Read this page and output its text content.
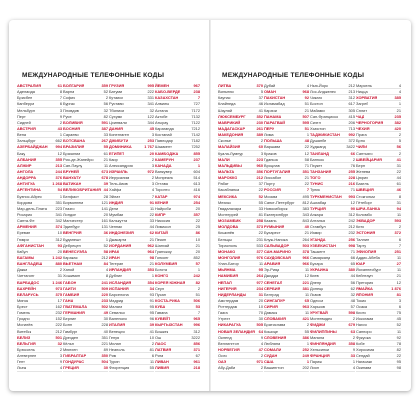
МЕЖДУНАРОДНЫЕ ТЕЛЕФОННЫЕ КОДЫ
АВСТРАЛИЯ	61
Аделаида	8
Брисбен	7
Канберра	6
Мельбурн	3
Перт	9
Сидней	2
АВСТРИЯ	43
Вена	1
Зальцбург	662
АЗЕРБАЙДЖАН	994
Баку	12
АЛБАНИЯ	355
АЛЖИР	213
АНГОЛА	244
АНДОРРА	376
АНТИГУА	1 268
АРГЕНТИНА	54
Буэнос-Айрес	1
Кордова	351
Мар-дель-Плата	223
Росарио	341
Санта-Фе	342
АРМЕНИЯ	374
Ереван	10
Гюмри	312
АФГАНИСТАН	93
Кабул	20
БАГАМЫ	1 242
БАНГЛАДЕШ	880
Дакка	2
Читтагонг	31
БАРБАДОС	1 246
БАХРЕЙН	973
БЕЛАРУСЬ	375
Минск	17
Брест	162
Гомель	232
Гродно	152
Могилёв	222
Витебск	212
БЕЛИЗ	501
БЕЛЬГИЯ	32
Брюссель	2
Антверпен	3
Гент	9
Льеж	4
БОЛГАРИЯ	359
Варна	52
София	2
Бургас	56
Пловдив	32
Русе	82
БОЛИВИЯ	591
БОСНИЯ	387
Сараево	33
БОТСВАНА	267
БРАЗИЛИЯ	55
Бразилиа	61
Рио-де-Жанейро	21
Сан-Паулу	11
БРУНЕЙ	673
ВАНУАТУ	678
ВАТИКАН	39
ВЕЛИКОБРИТАНИЯ 44
Белфаст	28
Бирмингем	121
Глазго	141
Лондон	20
Манчестер	161
Эдинбург	131
ВЕНГРИЯ	36
Будапешт	1
Дебрецен	52
ВЕНЕСУЭЛА	58
Каракас	212
ВЬЕТНАМ	84
Ханой	4
Хошимин	8
ГАБОН	241
ГАИТИ	509
ГАМБИЯ	220
ГАНА	233
ГВАТЕМАЛА	502
ГЕРМАНИЯ	49
Берлин	30
Бонн	228
Гамбург	40
Дрезден	351
Кёльн	221
Мюнхен	89
ГИБРАЛТАР	350
ГОНДУРАС	504
ГРЕЦИЯ	30
ГРУЗИЯ	995
Батуми	222
Кутаиси	331
Рустави	341
Тбилиси	32
Сухуми	122
Цхинвали	344
ДАНИЯ	45
Копенгаген	3
ДЖИБУТИ	253
ДОМИНИКА	1 767
ЕГИПЕТ	20
Каир	2
Александрия	3
ИЗРАИЛЬ	972
Иерусалим	2
Тель-Авив	3
Хайфа	4
Эйлат	7
ИНДИЯ	91
Дели	11
Мумбаи	22
Калькутта	33
Ченнаи	44
ИНДОНЕЗИЯ	62
Джакарта	21
ИОРДАНИЯ	962
ИРАК	964
ИРАН	98
Тегеран	21
ИРЛАНДИЯ	353
Дублин	1
ИСЛАНДИЯ	354
ИСПАНИЯ	34
Барселона	93
Мадрид	91
Малага	95
Севилья	95
Валенсия	96
ИТАЛИЯ	39
Венеция	41
Генуя	10
Милан	2
Неаполь	81
Рим	6
Турин	11
Флоренция	55
ЙЕМЕН	967
КАБО-ВЕРДЕ	238
КАЗАХСТАН	7
Алматы	727
Астана	7172
Актобе	7132
Атырау	7122
Караганда	7212
Костанай	7142
Павлодар	7182
Шымкент	7252
КАМБОДЖА	855
КАМЕРУН	237
КАНАДА	1
Ванкувер	604
Монреаль	514
Оттава	613
Торонто	416
КАТАР	974
КЕНИЯ	254
Найроби	20
КИПР	357
Никосия	22
Лимасол	25
КИТАЙ	86
Пекин	10
Шанхай	21
Гуанчжоу	20
Гонконг	852
КОЛУМБИЯ	57
Богота	1
КОНГО	242
КОРЕЯ ЮЖНАЯ	82
Сеул	2
Пусан	51
КОСТА-РИКА	506
КУБА	53
Гавана	7
КУВЕЙТ	965
КЫРГЫЗСТАН	996
Бишкек	312
Ош	3222
ЛАОС	856
ЛАТВИЯ	371
Рига	67
ЛИВАН	961
ЛИВИЯ	218
МЕЖДУНАРОДНЫЕ ТЕЛЕФОННЫЕ КОДЫ
ЛИТВА	370
Вильнюс	5
Каунас	37
Клайпеда	46
Шяуляй	41
ЛЮКСЕМБУРГ	352
МАВРИКИЙ	230
МАДАГАСКАР	261
МАКЕДОНИЯ	389
Скопье	2
МАЛАЙЗИЯ	60
Куала-Лумпур	3
МАЛИ	223
МАЛЬДИВЫ	960
МАЛЬТА	356
МАРОККО	212
Рабат	37
Касабланка	22
МЕКСИКА	52
Мехико	55
Гвадалахара	33
Монтеррей	81
МОЗАМБИК	258
МОЛДОВА	373
Кишинёв	22
Бельцы	231
Тирасполь	533
МОНАКО	377
МОНГОЛИЯ	976
Улан-Батор	11
МЬЯНМА	95
НАМИБИЯ	264
НЕПАЛ	977
НИГЕРИЯ	234
НИДЕРЛАНДЫ	31
Амстердам	20
Роттердам	10
Гаага	70
Утрехт	30
НИКАРАГУА	505
НОВАЯ ЗЕЛАНДИЯ 64
Окленд	9
Веллингтон	4
НОРВЕГИЯ	47
Осло	2
ОАЭ	971
Абу-Даби	2
Дубай	4
ОМАН	968
ПАКИСТАН	92
Исламабад	51
Карачи	21
ПАНАМА	507
ПАРАГВАЙ	595
ПЕРУ	51
Лима	1
ПОЛЬША	48
Варшава	22
Краков	12
Гданьск	58
Вроцлав	71
ПОРТУГАЛИЯ	351
Лиссабон	21
Порту	22
РОССИЯ	7
Москва	495
Санкт-Петербург	812
Новосибирск	383
Екатеринбург	343
Казань	843
РУМЫНИЯ	40
Бухарест	21
Клуж-Напока	264
САЛЬВАДОР	503
САН-МАРИНО	378
САУДОВСКАЯ	966
АРАВИЯ	966
Эр-Рияд	11
Джидда	12
СЕНЕГАЛ	221
СЕРБИЯ	381
Белград	11
СИНГАПУР	65
СИРИЯ	963
Дамаск	11
СЛОВАКИЯ	421
Братислава	2
Кошице	55
СЛОВЕНИЯ	386
Любляна	1
СОМАЛИ	252
СУДАН	249
США	1
Вашингтон	202
Нью-Йорк	212
Лос-Анджелес	213
Чикаго	312
Бостон	617
Майами	305
Сан-Франциско	415
Сиэтл	206
Хьюстон	713
ТАДЖИКИСТАН	992
Душанбе	372
Худжанд	3422
ТАИЛАНД	66
Бангкок	2
Пхукет	76
ТАНЗАНИЯ	255
ТОГО	228
ТУНИС	216
Тунис	71
ТУРКМЕНИСТАН	993
Ашхабад	12
ТУРЦИЯ	90
Анкара	312
Анталья	242
Стамбул	212
Измир	232
УГАНДА	256
УЗБЕКИСТАН	998
Ташкент	71
Самарканд	66
Бухара	65
УКРАИНА	380
Киев	44
Днепр	56
Донецк	62
Львов	32
Одесса	48
Харьков	57
УРУГВАЙ	598
Монтевидео	2
ФИДЖИ	679
ФИЛИППИНЫ	63
Манила	2
ФИНЛЯНДИЯ	358
Хельсинки	9
ФРАНЦИЯ	33
Париж	1
Лион	4
Марсель	4
Ницца	4
ХОРВАТИЯ	385
Загреб	1
Сплит	21
ЧАД	235
ЧЕРНОГОРИЯ	382
ЧЕХИЯ	420
Прага	2
Брно	5
ЧИЛИ	56
Сантьяго	2
ШВЕЙЦАРИЯ	41
Берн	31
Женева	22
Цюрих	44
Базель	61
ШВЕЦИЯ	46
Стокгольм	8
Гётеборг	31
ШРИ-ЛАНКА	94
Коломбо	11
ЭКВАДОР	593
Кито	2
ЭСТОНИЯ	372
Таллин	6
Тарту	7
ЭФИОПИЯ	251
Аддис-Абеба	11
ЮАР	27
Йоханнесбург	11
Кейптаун	21
Претория	12
ЯМАЙКА	1 876
ЯПОНИЯ	81
Токио	3
Осака	6
Киото	75
Иокогама	45
Нагоя	52
Саппоро	11
Фукуока	92
Кобе	78
Хиросима	82
Сендай	22
Нагасаки	95
Окинава	98
